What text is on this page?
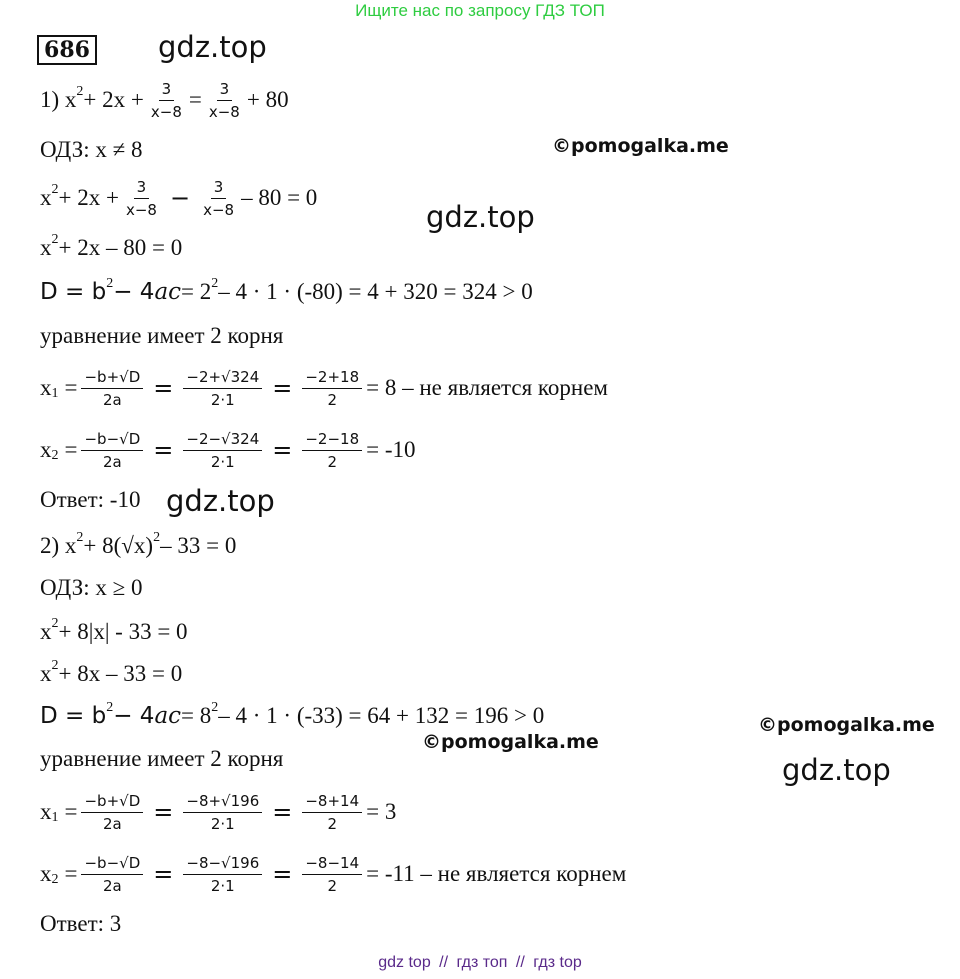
Ищите нас по запросу ГДЗ ТОП
686 gdz.top
gdz.top
gdz.top
gdz.top
©pomogalka.me
©pomogalka.me
©pomogalka.me
1) $x^2 + 2x + \frac{3}{x-8} = \frac{3}{x-8} + 80$
ОДЗ: x ≠ 8
$x^2 + 2x + \frac{3}{x-8} - \frac{3}{x-8} - 80 = 0$
$x^2 + 2x - 80 = 0$
$D = b^2 - 4$ ac = $2^2 - 4 \cdot 1 \cdot (-80) = 4 + 320 = 324 > 0$
уравнение имеет 2 корня
$x_1 = \frac{-b+√D}{2a} = \frac{-2+√324}{2\cdot 1} = \frac{-2+18}{2} = 8$ – не является корнем
$x_2 = \frac{-b-√D}{2a} = \frac{-2-√324}{2\cdot 1} = \frac{-2-18}{2} = -10$
Ответ: -10
2) $x^2 + 8(√x)^2 - 33 = 0$
ОДЗ: x ≥ 0
$x^2 + 8|x| - 33 = 0$
$x^2 + 8x - 33 = 0$
$D = b^2 - 4$ ac = $8^2 - 4 \cdot 1 \cdot (-33) = 64 + 132 = 196 > 0$
уравнение имеет 2 корня
$x_1 = \frac{-b+√D}{2a} = \frac{-8+√196}{2\cdot 1} = \frac{-8+14}{2} = 3$
$x_2 = \frac{-b-√D}{2a} = \frac{-8-√196}{2\cdot 1} = \frac{-8-14}{2} = -11$ – не является корнем
Ответ: 3
gdz top // гдз топ // гдз top
